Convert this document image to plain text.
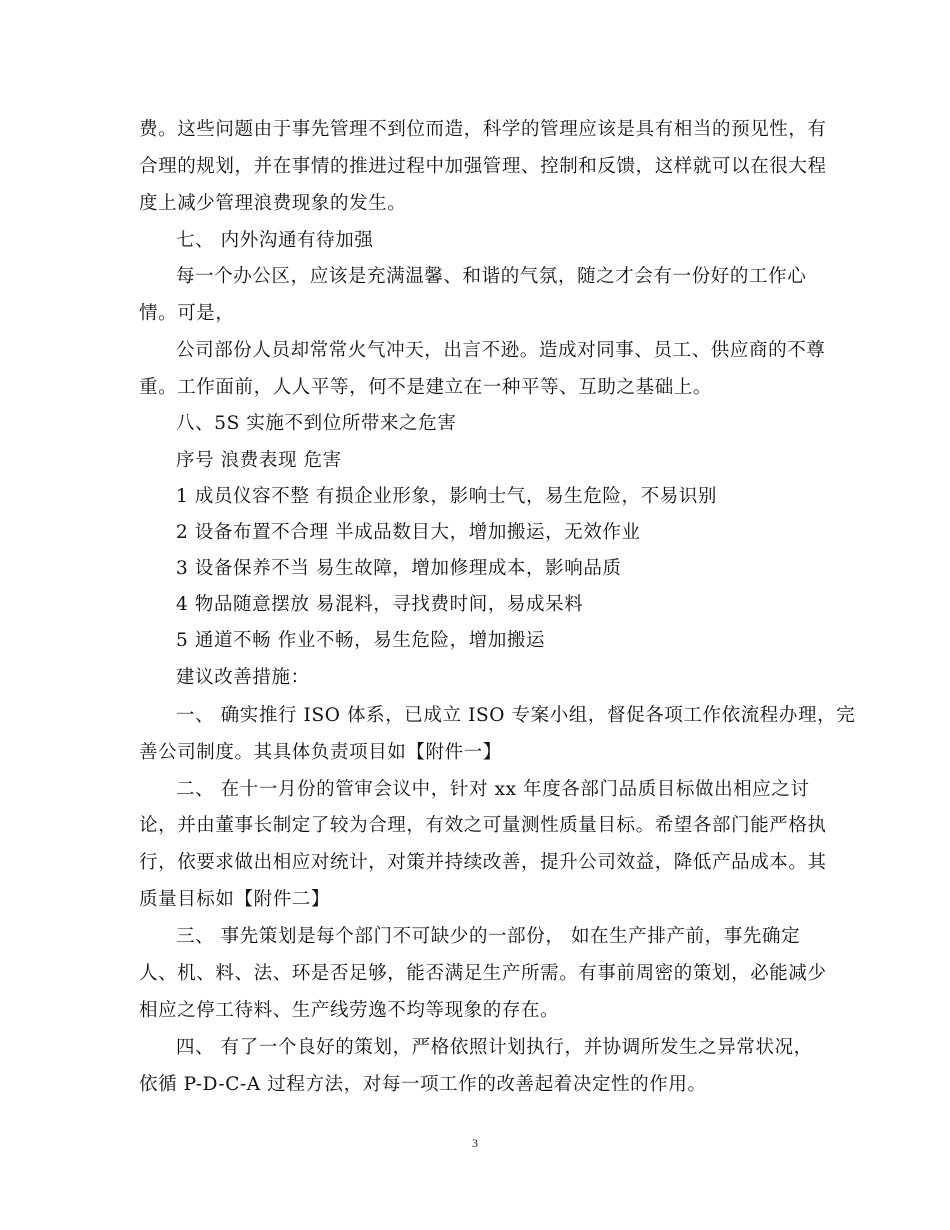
费。这些问题由于事先管理不到位而造，科学的管理应该是具有相当的预见性，有
合理的规划，并在事情的推进过程中加强管理、控制和反馈，这样就可以在很大程
度上减少管理浪费现象的发生。
七、 内外沟通有待加强
每一个办公区，应该是充满温馨、和谐的气氛，随之才会有一份好的工作心
情。可是，
公司部份人员却常常火气冲天，出言不逊。造成对同事、员工、供应商的不尊
重。工作面前，人人平等，何不是建立在一种平等、互助之基础上。
八、5S 实施不到位所带来之危害
序号 浪费表现 危害
1 成员仪容不整 有损企业形象，影响士气，易生危险，不易识别
2 设备布置不合理 半成品数目大，增加搬运，无效作业
3 设备保养不当 易生故障，增加修理成本，影响品质
4 物品随意摆放 易混料，寻找费时间，易成呆料
5 通道不畅 作业不畅，易生危险，增加搬运
建议改善措施：
一、 确实推行 ISO 体系，已成立 ISO 专案小组，督促各项工作依流程办理，完
善公司制度。其具体负责项目如【附件一】
二、 在十一月份的管审会议中，针对 xx 年度各部门品质目标做出相应之讨
论，并由董事长制定了较为合理，有效之可量测性质量目标。希望各部门能严格执
行，依要求做出相应对统计，对策并持续改善，提升公司效益，降低产品成本。其
质量目标如【附件二】
三、 事先策划是每个部门不可缺少的一部份， 如在生产排产前，事先确定
人、机、料、法、环是否足够，能否满足生产所需。有事前周密的策划，必能减少
相应之停工待料、生产线劳逸不均等现象的存在。
四、 有了一个良好的策划，严格依照计划执行，并协调所发生之异常状况，
依循 P-D-C-A 过程方法，对每一项工作的改善起着决定性的作用。
3
